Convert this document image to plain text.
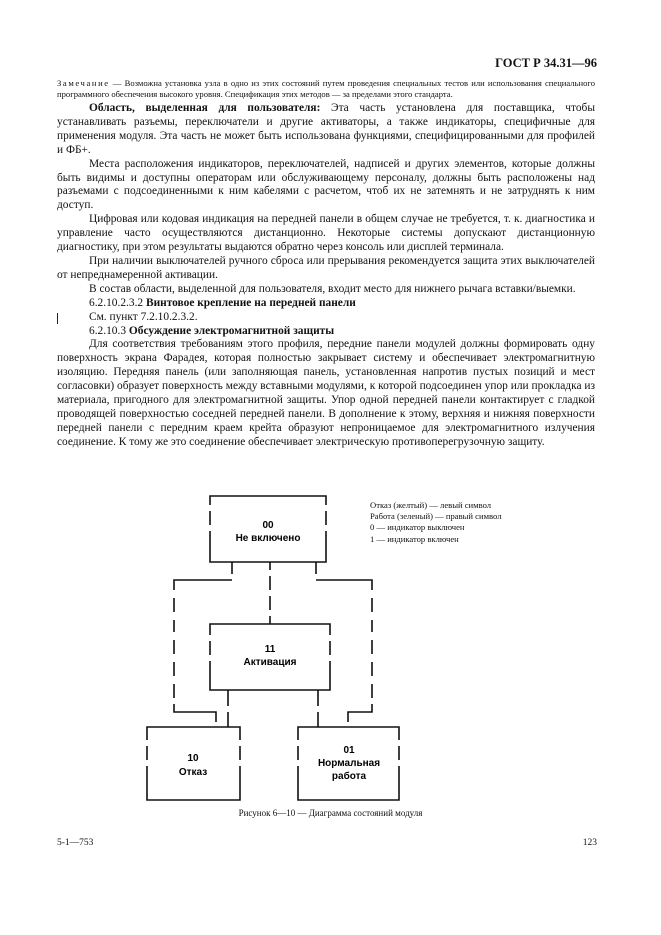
ГОСТ Р 34.31—96

Замечание — Возможна установка узла в одно из этих состояний путем проведения специальных тестов или использования специального программного обеспечения высокого уровня. Спецификация этих методов — за пределами этого стандарта.

Область, выделенная для пользователя: Эта часть установлена для поставщика, чтобы устанавливать разъемы, переключатели и другие активаторы, а также индикаторы, специфичные для применения модуля. Эта часть не может быть использована функциями, специфицированными для профилей и ФБ+.

Места расположения индикаторов, переключателей, надписей и других элементов, которые должны быть видимы и доступны операторам или обслуживающему персоналу, должны быть расположены над разъемами с подсоединенными к ним кабелями с расчетом, чтоб их не затемнять и не затруднять к ним доступ.

Цифровая или кодовая индикация на передней панели в общем случае не требуется, т. к. диагностика и управление часто осуществляются дистанционно. Некоторые системы допускают дистанционную диагностику, при этом результаты выдаются обратно через консоль или дисплей терминала.

При наличии выключателей ручного сброса или прерывания рекомендуется защита этих выключателей от непреднамеренной активации.

В состав области, выделенной для пользователя, входит место для нижнего рычага вставки/выемки.

6.2.10.2.3.2 Винтовое крепление на передней панели

См. пункт 7.2.10.2.3.2.

6.2.10.3 Обсуждение электромагнитной защиты

Для соответствия требованиям этого профиля, передние панели модулей должны формировать одну поверхность экрана Фарадея, которая полностью закрывает систему и обеспечивает электромагнитную изоляцию. Передняя панель (или заполняющая панель, установленная напротив пустых позиций и мест согласовки) образует поверхность между вставными модулями, к которой подсоединен упор или прокладка из материала, пригодного для электромагнитной защиты. Упор одной передней панели контактирует с гладкой проводящей поверхностью соседней передней панели. В дополнение к этому, верхняя и нижняя поверхности передней панели с передним краем крейта образуют непроницаемое для электромагнитного излучения соединение. К тому же это соединение обеспечивает электрическую противоперегрузочную защиту.

00
Не включено
11
Активация
10
Отказ
01
Нормальная
работа
Отказ (желтый) — левый символ
Работа (зеленый) — правый символ
0 — индикатор выключен
1 — индикатор включен
Рисунок 6—10 — Диаграмма состояний модуля
5-1—753	123
